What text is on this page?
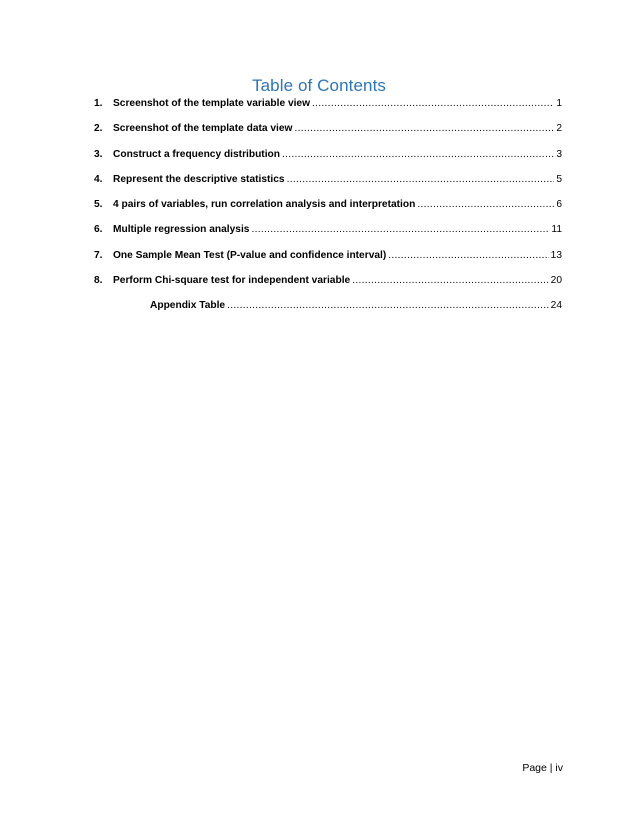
Table of Contents
1.	Screenshot of the template variable view .....	1
2.	Screenshot of the template data view .....	2
3.	Construct a frequency distribution .....	3
4.	Represent the descriptive statistics .....	5
5.	4 pairs of variables, run correlation analysis and interpretation .....	6
6.	Multiple regression analysis .....	11
7.	One Sample Mean Test (P-value and confidence interval) .....	13
8.	Perform Chi-square test for independent variable .....	20
Appendix Table .....	24
Page | iv
